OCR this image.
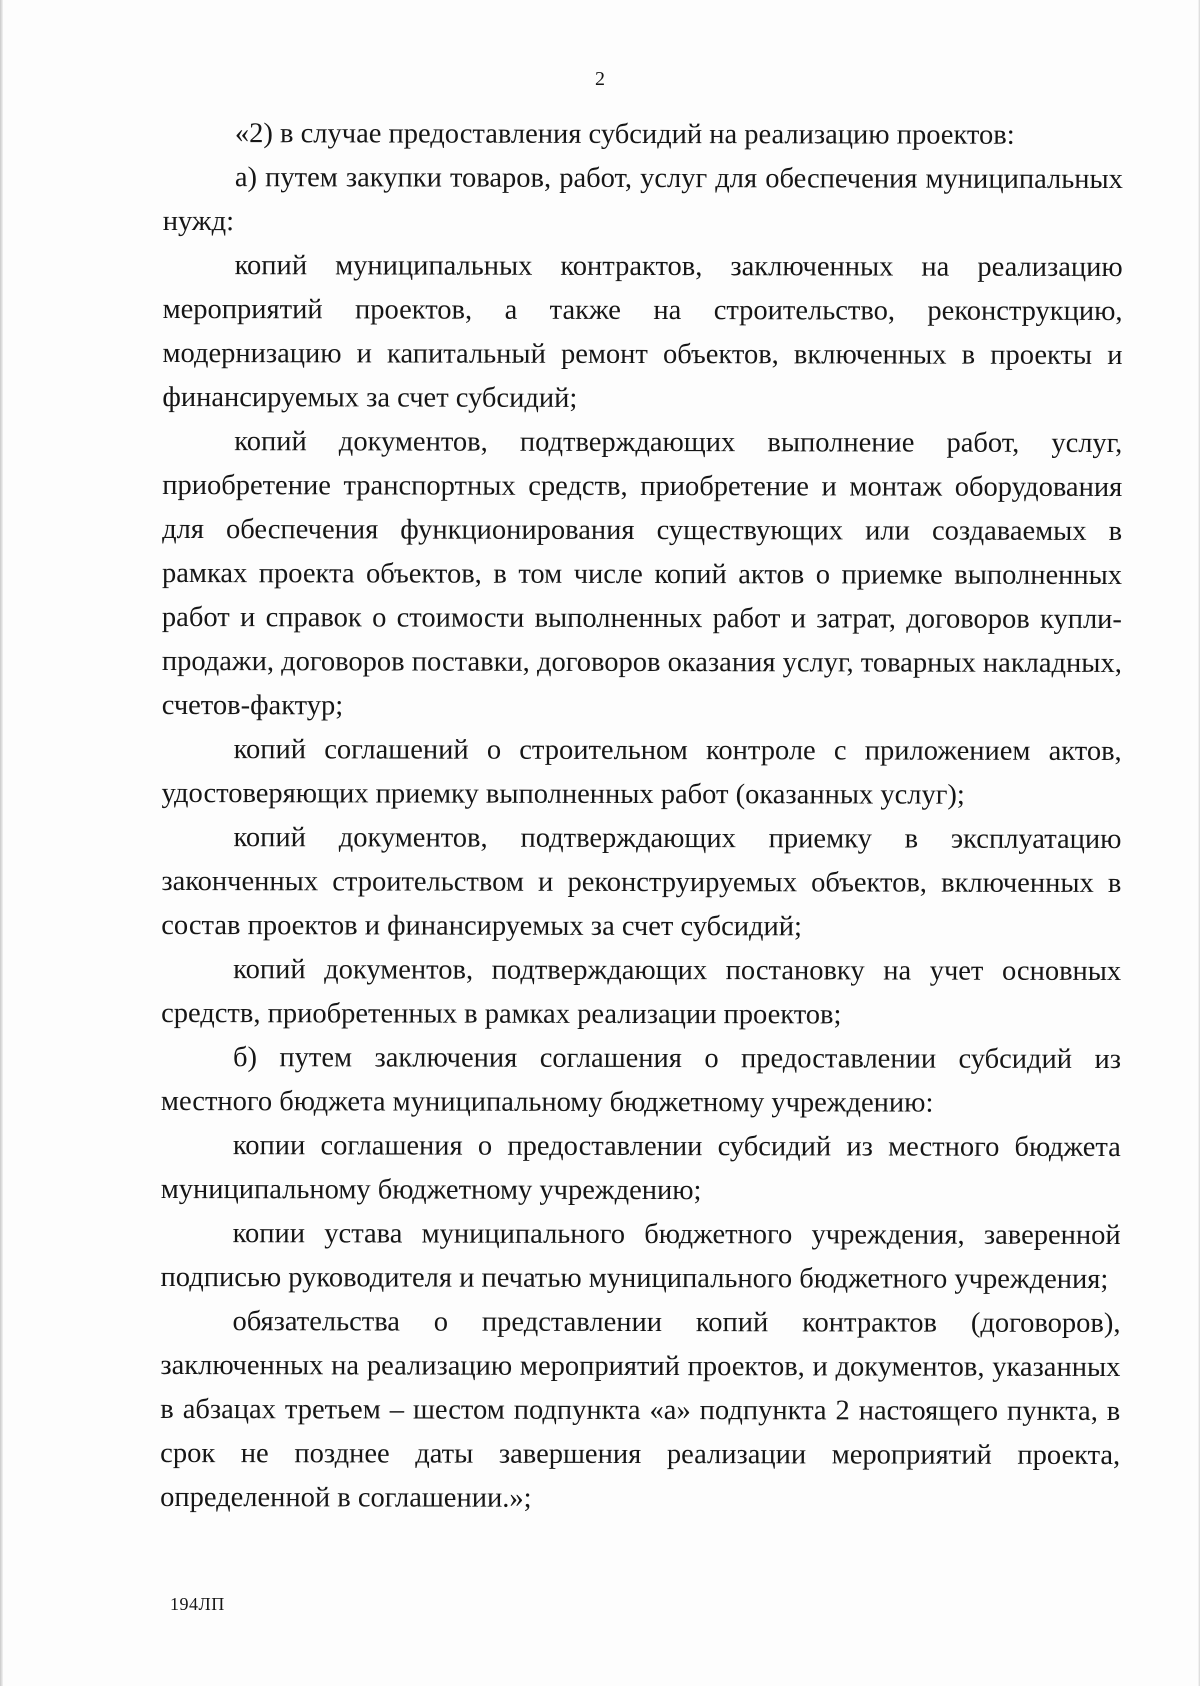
2

«2) в случае предоставления субсидий на реализацию проектов:

а) путем закупки товаров, работ, услуг для обеспечения муниципальных нужд:

копий муниципальных контрактов, заключенных на реализацию мероприятий проектов, а также на строительство, реконструкцию, модернизацию и капитальный ремонт объектов, включенных в проекты и финансируемых за счет субсидий;

копий документов, подтверждающих выполнение работ, услуг, приобретение транспортных средств, приобретение и монтаж оборудования для обеспечения функционирования существующих или создаваемых в рамках проекта объектов, в том числе копий актов о приемке выполненных работ и справок о стоимости выполненных работ и затрат, договоров купли-продажи, договоров поставки, договоров оказания услуг, товарных накладных, счетов-фактур;

копий соглашений о строительном контроле с приложением актов, удостоверяющих приемку выполненных работ (оказанных услуг);

копий документов, подтверждающих приемку в эксплуатацию законченных строительством и реконструируемых объектов, включенных в состав проектов и финансируемых за счет субсидий;

копий документов, подтверждающих постановку на учет основных средств, приобретенных в рамках реализации проектов;

б) путем заключения соглашения о предоставлении субсидий из местного бюджета муниципальному бюджетному учреждению:

копии соглашения о предоставлении субсидий из местного бюджета муниципальному бюджетному учреждению;

копии устава муниципального бюджетного учреждения, заверенной подписью руководителя и печатью муниципального бюджетного учреждения;

обязательства о представлении копий контрактов (договоров), заключенных на реализацию мероприятий проектов, и документов, указанных в абзацах третьем – шестом подпункта «а» подпункта 2 настоящего пункта, в срок не позднее даты завершения реализации мероприятий проекта, определенной в соглашении.»;

194ЛП
